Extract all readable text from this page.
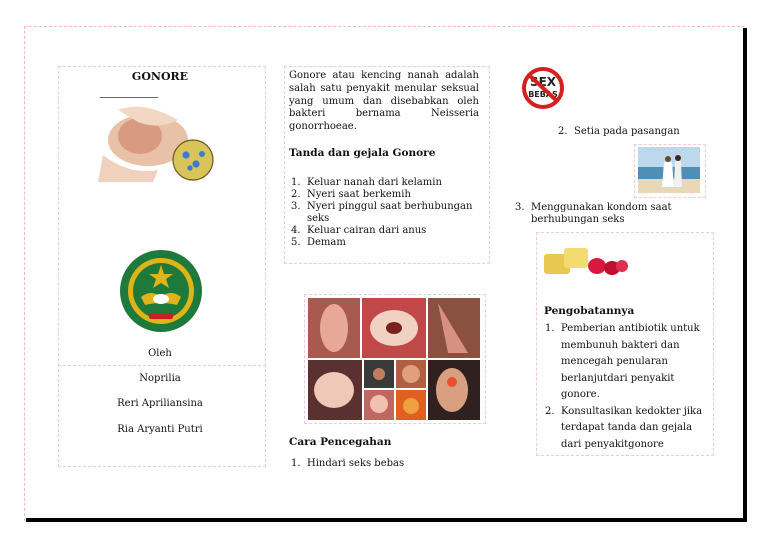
GONORE
Oleh
Noprilia
Reri Apriliansina
Ria Aryanti Putri
Gonore atau kencing nanah adalah salah satu penyakit menular seksual yang umum dan disebabkan oleh bakteri bernama Neisseria gonorrhoeae.
Tanda dan gejala Gonore
1. Keluar nanah dari kelamin
2. Nyeri saat berkemih
3. Nyeri pinggul saat berhubungan seks
4. Keluar cairan dari anus
5. Demam
Cara Pencegahan
1. Hindari seks bebas
SEX
BEBAS
2. Setia pada pasangan
3. Menggunakan kondom saat berhubungan seks
Pengobatannya
1. Pemberian antibiotik untuk membunuh bakteri dan mencegah penularan berlanjutdari penyakit gonore.
2. Konsultasikan kedokter jika terdapat tanda dan gejala dari penyakitgonore
